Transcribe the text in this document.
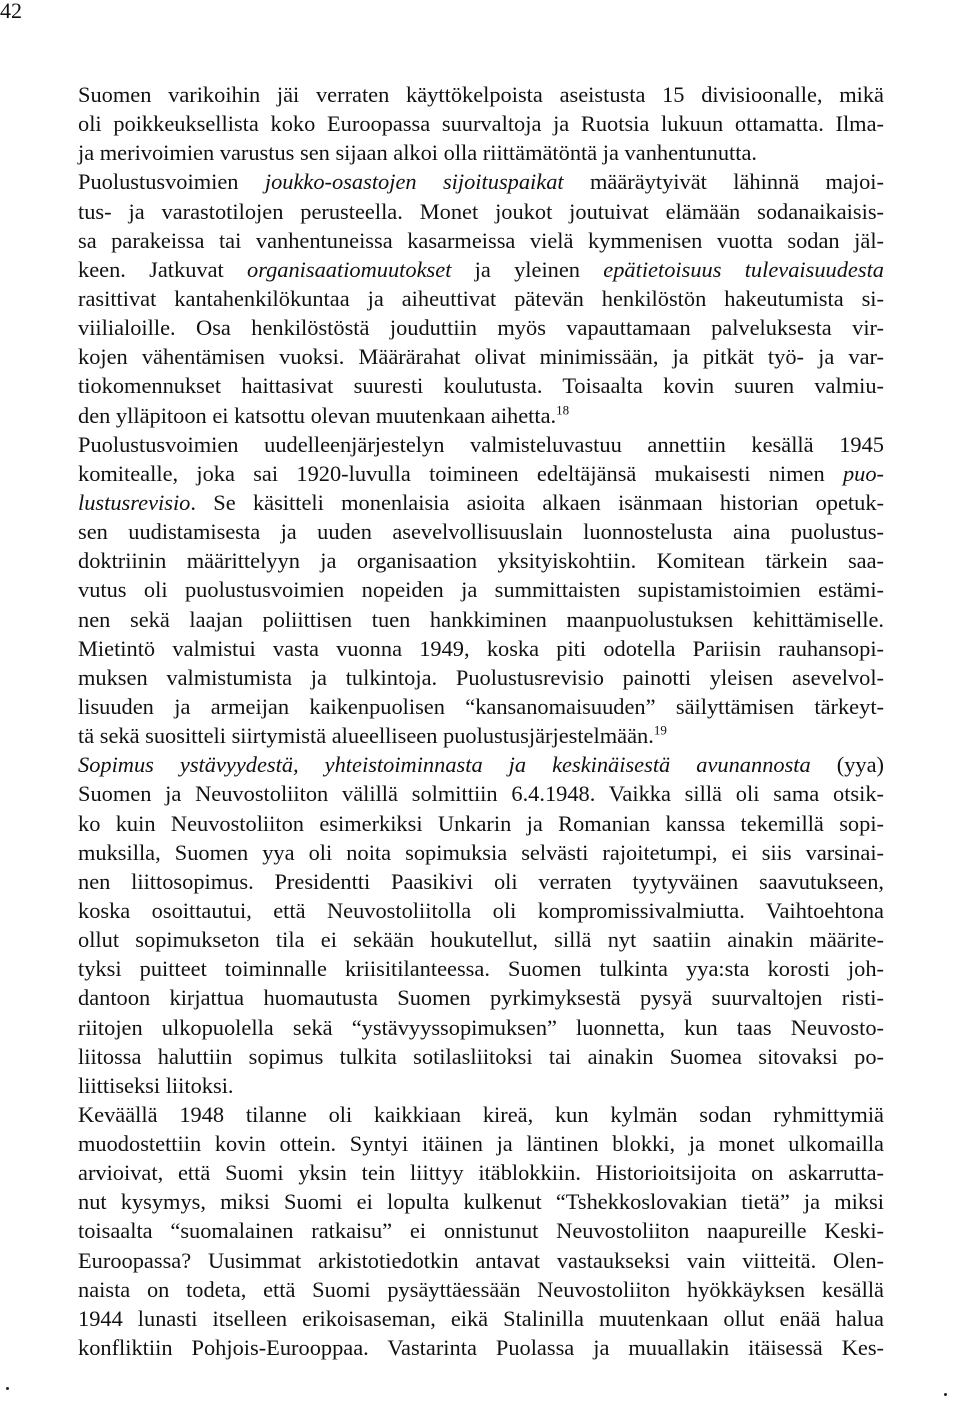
42
Suomen varikoihin jäi verraten käyttökelpoista aseistusta 15 divisioonalle, mikä
oli poikkeuksellista koko Euroopassa suurvaltoja ja Ruotsia lukuun ottamatta. Ilma-
ja merivoimien varustus sen sijaan alkoi olla riittämätöntä ja vanhentunutta.
Puolustusvoimien joukko-osastojen sijoituspaikat määräytyivät lähinnä majoi-
tus- ja varastotilojen perusteella. Monet joukot joutuivat elämään sodanaikaisis-
sa parakeissa tai vanhentuneissa kasarmeissa vielä kymmenisen vuotta sodan jäl-
keen. Jatkuvat organisaatiomuutokset ja yleinen epätietoisuus tulevaisuudesta
rasittivat kantahenkilökuntaa ja aiheuttivat pätevän henkilöstön hakeutumista si-
viilialoille. Osa henkilöstöstä jouduttiin myös vapauttamaan palveluksesta vir-
kojen vähentämisen vuoksi. Määrärahat olivat minimissään, ja pitkät työ- ja var-
tiokomennukset haittasivat suuresti koulutusta. Toisaalta kovin suuren valmiu-
den ylläpitoon ei katsottu olevan muutenkaan aihetta.$^{18}$
Puolustusvoimien uudelleenjärjestelyn valmisteluvastuu annettiin kesällä 1945
komitealle, joka sai 1920-luvulla toimineen edeltäjänsä mukaisesti nimen puo-
lustusrevisio. Se käsitteli monenlaisia asioita alkaen isänmaan historian opetuk-
sen uudistamisesta ja uuden asevelvollisuuslain luonnostelusta aina puolustus-
doktriinin määrittelyyn ja organisaation yksityiskohtiin. Komitean tärkein saa-
vutus oli puolustusvoimien nopeiden ja summittaisten supistamistoimien estämi-
nen sekä laajan poliittisen tuen hankkiminen maanpuolustuksen kehittämiselle.
Mietintö valmistui vasta vuonna 1949, koska piti odotella Pariisin rauhansopi-
muksen valmistumista ja tulkintoja. Puolustusrevisio painotti yleisen asevelvol-
lisuuden ja armeijan kaikenpuolisen “kansanomaisuuden” säilyttämisen tärkeyt-
tä sekä suositteli siirtymistä alueelliseen puolustusjärjestelmään.$^{19}$
Sopimus ystävyydestä, yhteistoiminnasta ja keskinäisestä avunannosta (yya)
Suomen ja Neuvostoliiton välillä solmittiin 6.4.1948. Vaikka sillä oli sama otsik-
ko kuin Neuvostoliiton esimerkiksi Unkarin ja Romanian kanssa tekemillä sopi-
muksilla, Suomen yya oli noita sopimuksia selvästi rajoitetumpi, ei siis varsinai-
nen liittosopimus. Presidentti Paasikivi oli verraten tyytyväinen saavutukseen,
koska osoittautui, että Neuvostoliitolla oli kompromissivalmiutta. Vaihtoehtona
ollut sopimukseton tila ei sekään houkutellut, sillä nyt saatiin ainakin määrite-
tyksi puitteet toiminnalle kriisitilanteessa. Suomen tulkinta yya:sta korosti joh-
dantoon kirjattua huomautusta Suomen pyrkimyksestä pysyä suurvaltojen risti-
riitojen ulkopuolella sekä “ystävyyssopimuksen” luonnetta, kun taas Neuvosto-
liitossa haluttiin sopimus tulkita sotilasliitoksi tai ainakin Suomea sitovaksi po-
liittiseksi liitoksi.
Keväällä 1948 tilanne oli kaikkiaan kireä, kun kylmän sodan ryhmittymiä
muodostettiin kovin ottein. Syntyi itäinen ja läntinen blokki, ja monet ulkomailla
arvioivat, että Suomi yksin tein liittyy itäblokkiin. Historioitsijoita on askarrutta-
nut kysymys, miksi Suomi ei lopulta kulkenut “Tshekkoslovakian tietä” ja miksi
toisaalta “suomalainen ratkaisu” ei onnistunut Neuvostoliiton naapureille Keski-
Euroopassa? Uusimmat arkistotiedotkin antavat vastaukseksi vain viitteitä. Olen-
naista on todeta, että Suomi pysäyttäessään Neuvostoliiton hyökkäyksen kesällä
1944 lunasti itselleen erikoisaseman, eikä Stalinilla muutenkaan ollut enää halua
konfliktiin Pohjois-Eurooppaa. Vastarinta Puolassa ja muuallakin itäisessä Kes-
